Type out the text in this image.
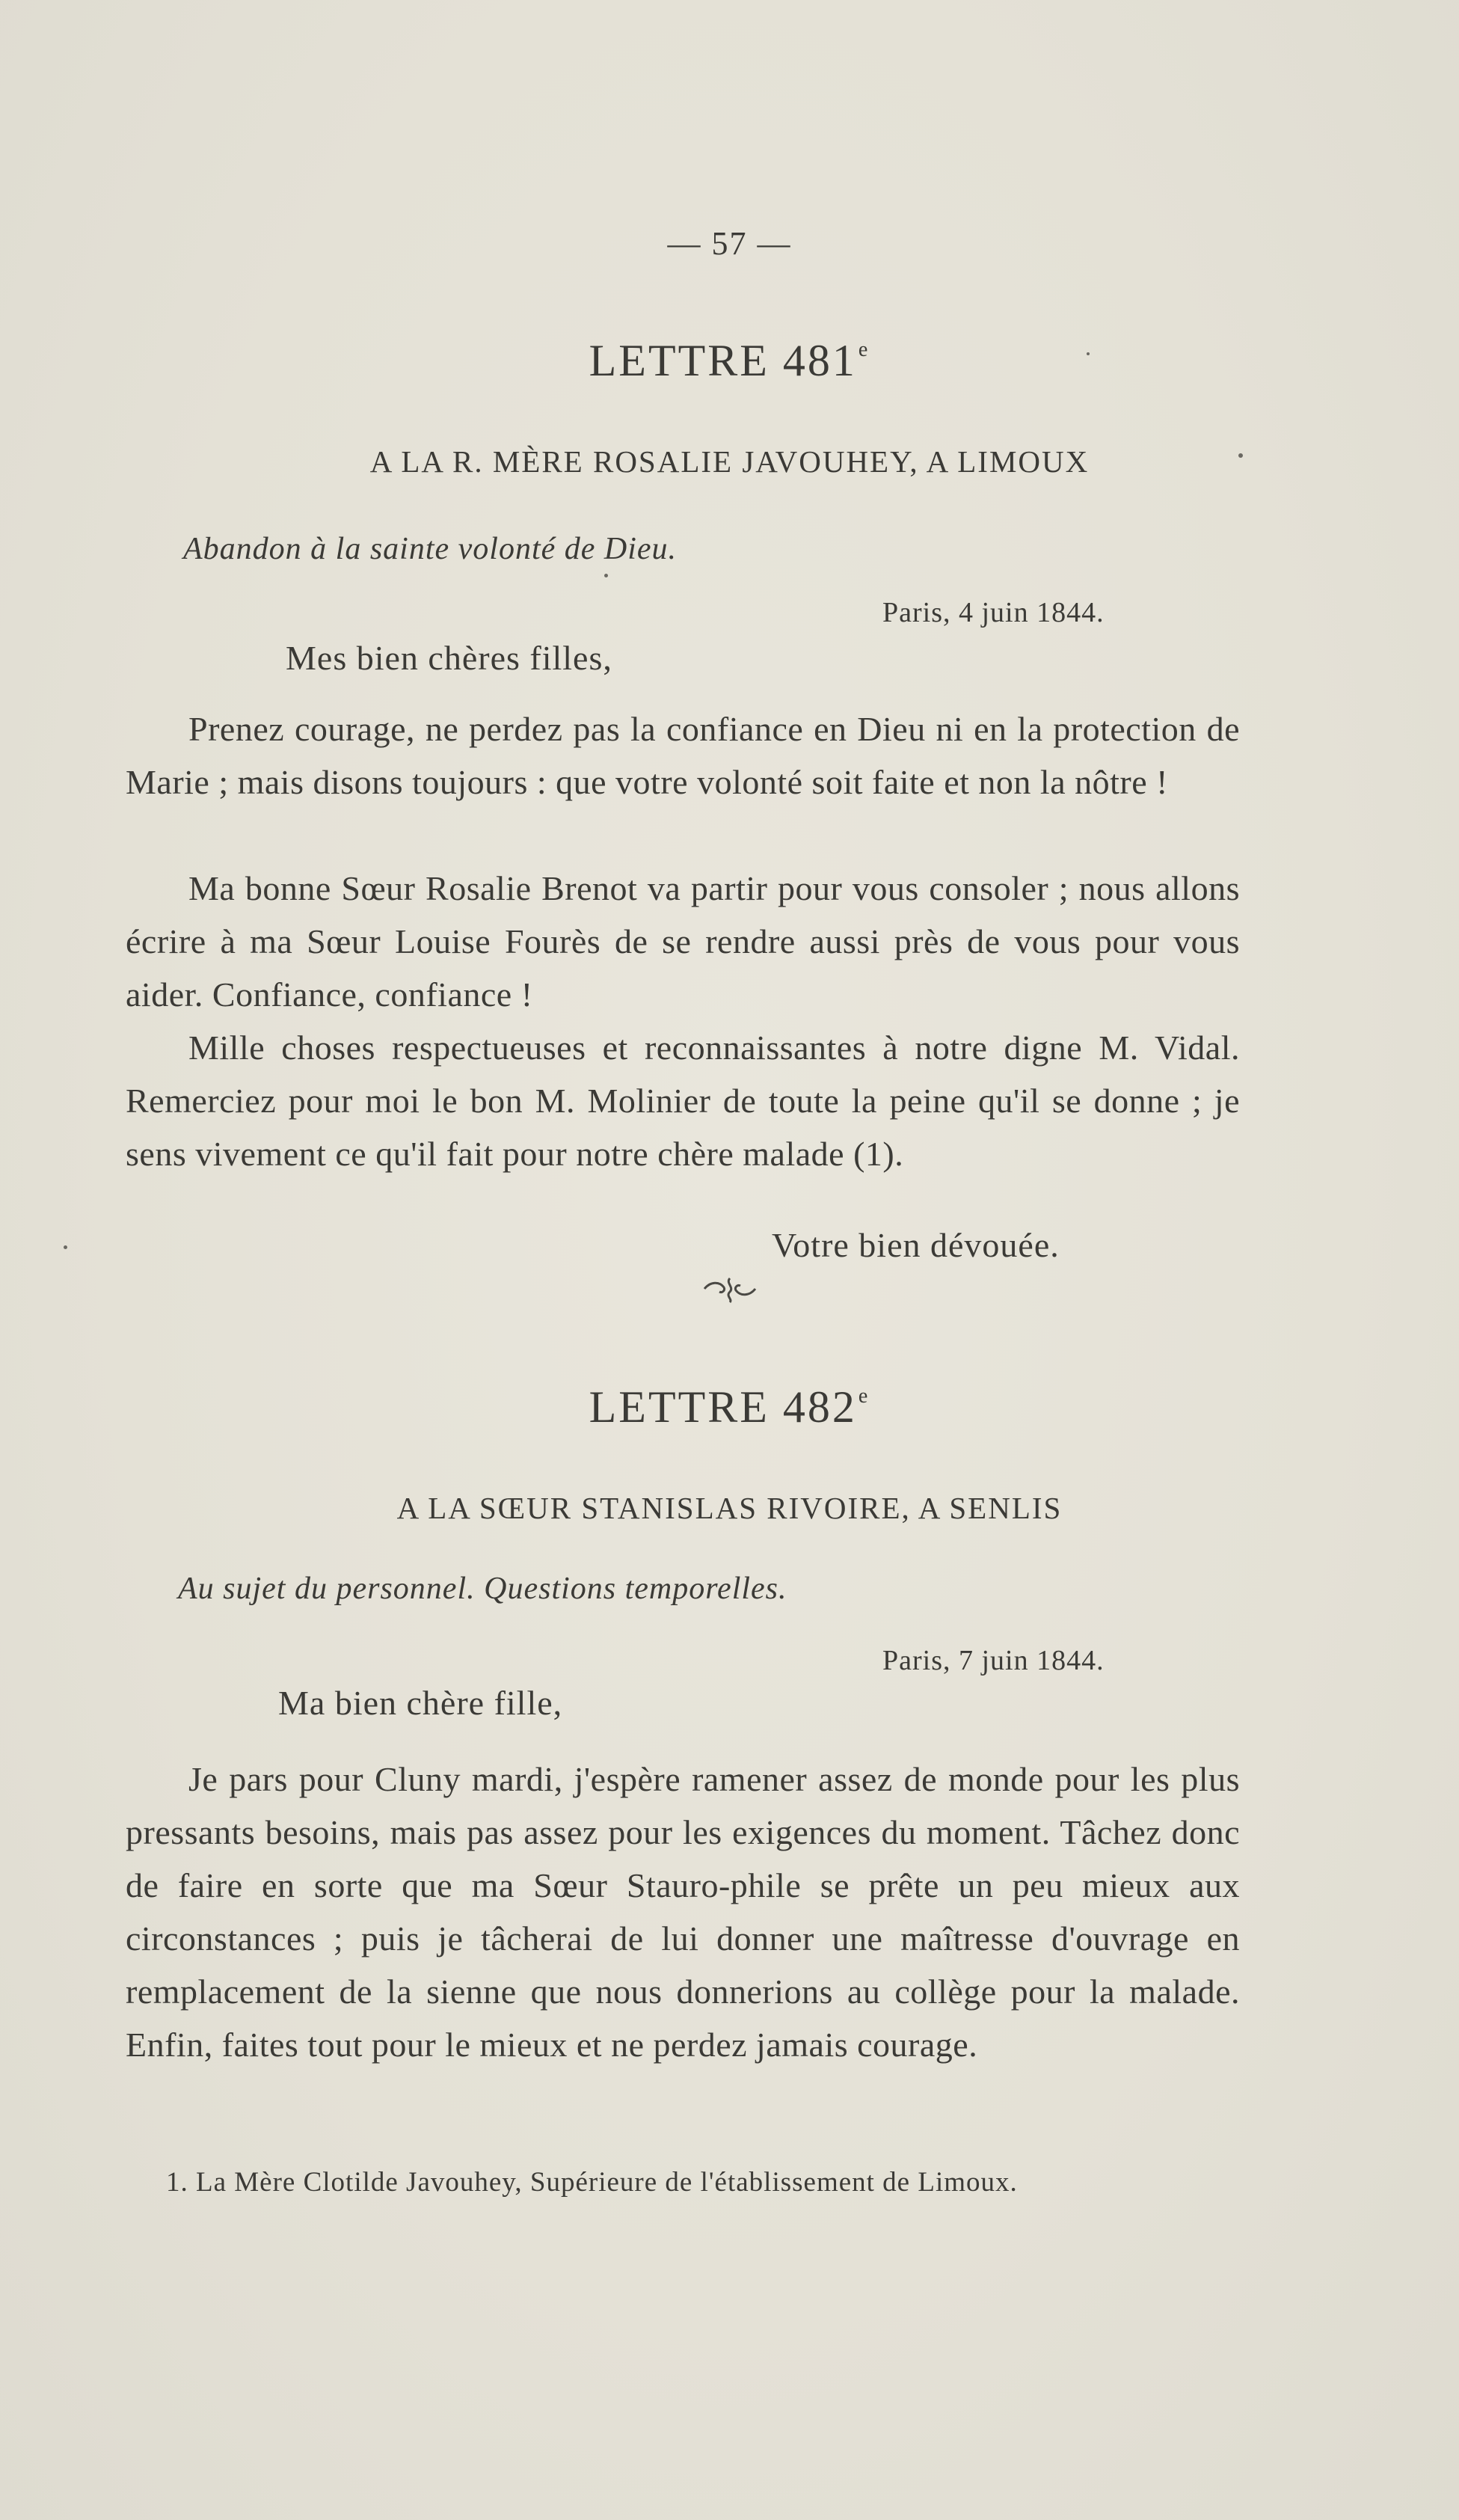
— 57 —
LETTRE 481e
A LA R. MÈRE ROSALIE JAVOUHEY, A LIMOUX
Abandon à la sainte volonté de Dieu.
Paris, 4 juin 1844.
Mes bien chères filles,
Prenez courage, ne perdez pas la confiance en Dieu ni en la protection de Marie ; mais disons toujours : que votre volonté soit faite et non la nôtre !
Ma bonne Sœur Rosalie Brenot va partir pour vous consoler ; nous allons écrire à ma Sœur Louise Fourès de se rendre aussi près de vous pour vous aider. Confiance, confiance !
Mille choses respectueuses et reconnaissantes à notre digne M. Vidal. Remerciez pour moi le bon M. Molinier de toute la peine qu'il se donne ; je sens vivement ce qu'il fait pour notre chère malade (1).
Votre bien dévouée.
LETTRE 482e
A LA SŒUR STANISLAS RIVOIRE, A SENLIS
Au sujet du personnel. Questions temporelles.
Paris, 7 juin 1844.
Ma bien chère fille,
Je pars pour Cluny mardi, j'espère ramener assez de monde pour les plus pressants besoins, mais pas assez pour les exigences du moment. Tâchez donc de faire en sorte que ma Sœur Stauro-phile se prête un peu mieux aux circonstances ; puis je tâcherai de lui donner une maîtresse d'ouvrage en remplacement de la sienne que nous donnerions au collège pour la malade. Enfin, faites tout pour le mieux et ne perdez jamais courage.
1. La Mère Clotilde Javouhey, Supérieure de l'établissement de Limoux.
